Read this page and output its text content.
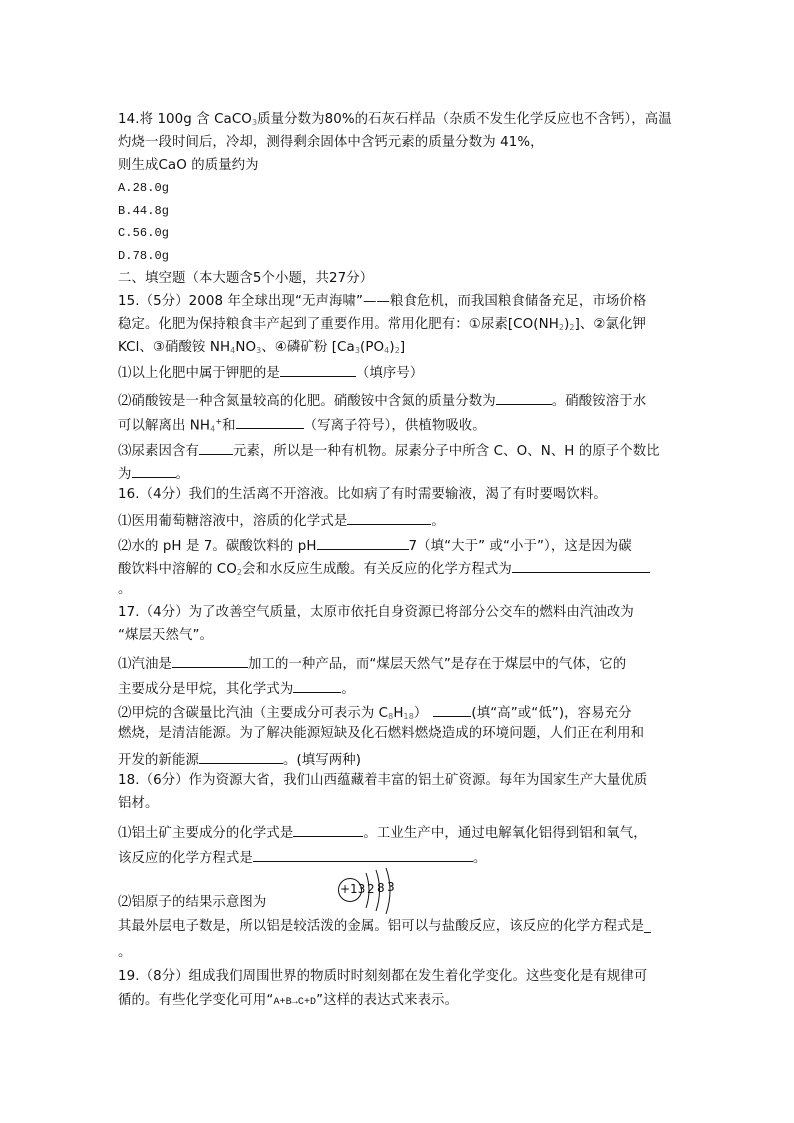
14.将 100g 含 CaCO$_3$质量分数为80%的石灰石样品（杂质不发生化学反应也不含钙），高温
灼烧一段时间后，冷却，测得剩余固体中含钙元素的质量分数为 41%，
则生成CaO 的质量约为
A.28.0g
B.44.8g
C.56.0g
D.78.0g
二、填空题（本大题含5个小题，共27分）
15.（5分）2008 年全球出现“无声海啸”——粮食危机，而我国粮食储备充足，市场价格
稳定。化肥为保持粮食丰产起到了重要作用。常用化肥有：①尿素$[CO(NH_2)_2]$、②氯化钾
KCl、③硝酸铵 $NH_4NO_3$、④磷矿粉 $[Ca_3(PO_4)_2]$
⑴以上化肥中属于钾肥的是	（填序号）
⑵硝酸铵是一种含氮量较高的化肥。硝酸铵中含氮的质量分数为	。硝酸铵溶于水
可以解离出 $NH_4^+$和	（写离子符号），供植物吸收。
⑶尿素因含有	元素，所以是一种有机物。尿素分子中所含 C、O、N、H 的原子个数比
为	。
16.（4分）我们的生活离不开溶液。比如病了有时需要输液，渴了有时要喝饮料。
⑴医用葡萄糖溶液中，溶质的化学式是	。
⑵水的 pH 是 7。碳酸饮料的 pH	7（填“大于” 或“小于”），这是因为碳
酸饮料中溶解的 $CO_2$会和水反应生成酸。有关反应的化学方程式为
。
17.（4分）为了改善空气质量，太原市依托自身资源已将部分公交车的燃料由汽油改为
“煤层天然气”。
⑴汽油是	加工的一种产品，而“煤层天然气”是存在于煤层中的气体，它的
主要成分是甲烷，其化学式为	。
⑵甲烷的含碳量比汽油（主要成分可表示为 $C_8H_{18}$）	(填“高”或“低”)，容易充分
燃烧，是清洁能源。为了解决能源短缺及化石燃料燃烧造成的环境问题，人们正在利用和
开发的新能源	。(填写两种)
18.（6分）作为资源大省，我们山西蕴藏着丰富的铝土矿资源。每年为国家生产大量优质
铝材。
⑴铝土矿主要成分的化学式是	。工业生产中，通过电解氧化铝得到铝和氧气，
该反应的化学方程式是	。
⑵铝原子的结果示意图为
+13 2 8 3
其最外层电子数是，所以铝是较活泼的金属。铝可以与盐酸反应，该反应的化学方程式是_
。
19.（8分）组成我们周围世界的物质时时刻刻都在发生着化学变化。这些变化是有规律可
循的。有些化学变化可用“A+B→C+D”这样的表达式来表示。
